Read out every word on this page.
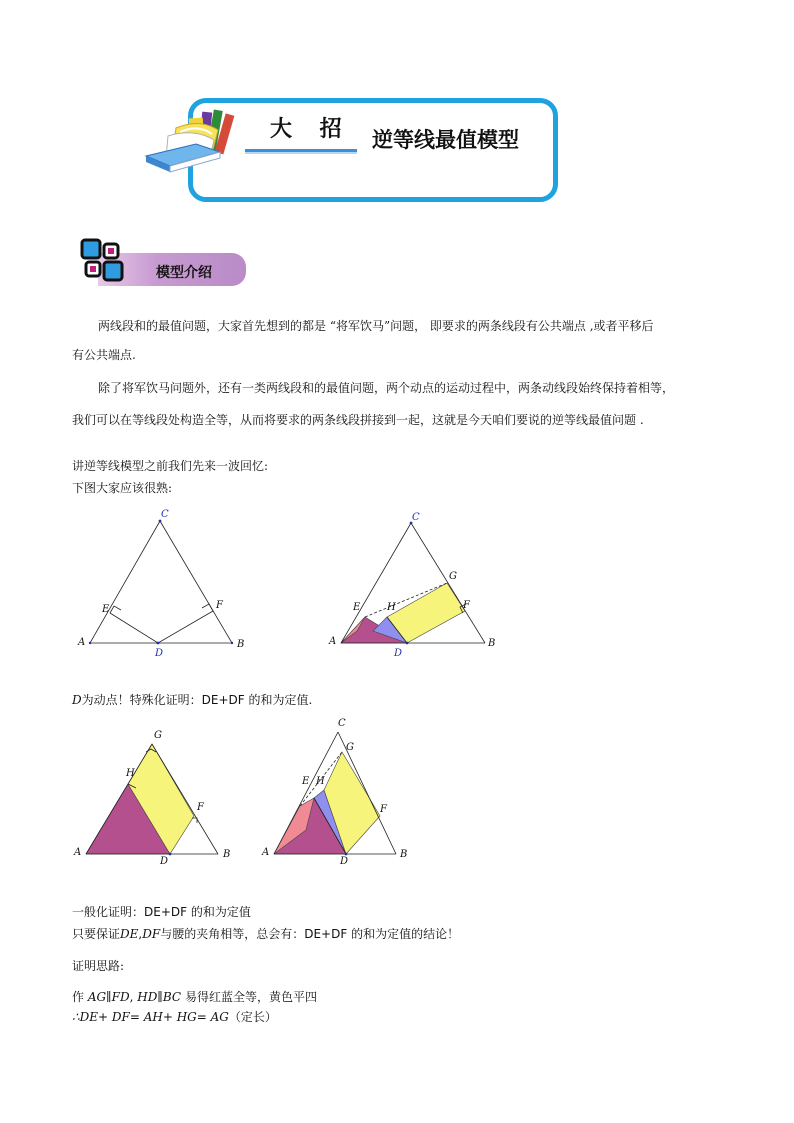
大 招 逆等线最值模型
模型介绍

两线段和的最值问题，大家首先想到的都是 “将军饮马”问题， 即要求的两条线段有公共端点 ,或者平移后

有公共端点.

除了将军饮马问题外，还有一类两线段和的最值问题，两个动点的运动过程中，两条动线段始终保持着相等，

我们可以在等线段处构造全等，从而将要求的两条线段拼接到一起，这就是今天咱们要说的逆等线最值问题 .

讲逆等线模型之前我们先来一波回忆:

下图大家应该很熟:

A	B
C
D
E	F
A	B
C
D
E	F
G
H

D为动点！特殊化证明：DE+DF 的和为定值.

A	B
D
G
H
F
A	B
C
D
E
F
G
H

一般化证明：DE+DF 的和为定值

只要保证DE,DF与腰的夹角相等，总会有：DE+DF 的和为定值的结论！

证明思路:

作 AG∥FD, HD∥BC 易得红蓝全等，黄色平四

∴DE+ DF= AH+ HG= AG（定长）
